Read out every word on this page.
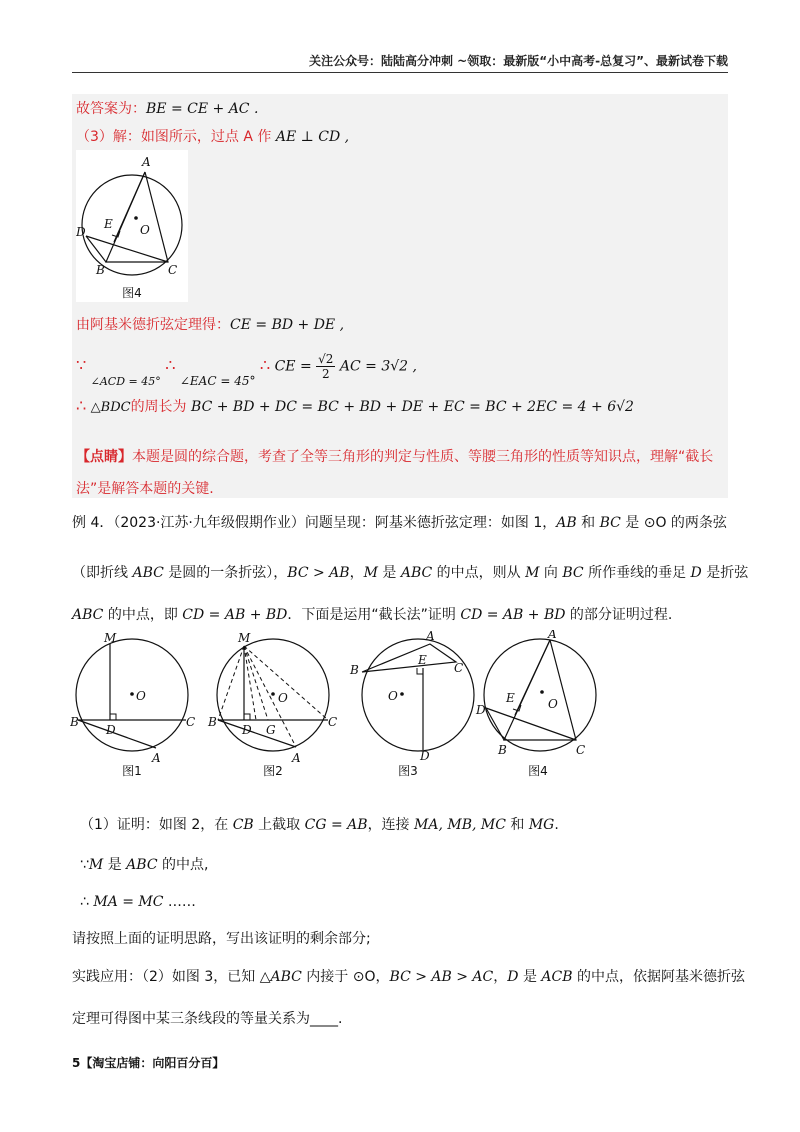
关注公众号：陆陆高分冲刺 ~领取：最新版“小中高考-总复习”、最新试卷下载
故答案为：BE = CE + AC .
（3）解：如图所示，过点 A 作 AE ⊥ CD ,
A
D
E O
B	C
图4
由阿基米德折弦定理得：CE = BD + DE ,
∵ $_{\angle ACD = 45^\circ}$ ∴ ∠EAC = 45° ∴ CE = $\frac{√2}{2}$ AC = 3√2 ,
∴ △BDC的周长为 BC + BD + DC = BC + BD + DE + EC = BC + 2EC = 4 + 6√2
【点睛】本题是圆的综合题，考查了全等三角形的判定与性质、等腰三角形的性质等知识点，理解“截长
法”是解答本题的关键.
例 4．（2023·江苏·九年级假期作业）问题呈现：阿基米德折弦定理：如图 1，AB 和 BC 是 ⊙O 的两条弦
（即折线 ABC 是圆的一条折弦），BC > AB，M 是 ABC 的中点，则从 M 向 BC 所作垂线的垂足 D 是折弦
ABC 的中点，即 CD = AB + BD．下面是运用“截长法”证明 CD = AB + BD 的部分证明过程.
M
O
B	C
D
A
M
O
B	C
D G
A
A
B	C
E
O
D
A
D
E	O
B	C
图1	图2	图3	图4
（1）证明：如图 2，在 CB 上截取 CG = AB，连接 MA, MB, MC 和 MG.
∵M 是 ABC 的中点,
∴ MA = MC ……
请按照上面的证明思路，写出该证明的剩余部分;
实践应用：（2）如图 3，已知 △ABC 内接于 ⊙O，BC > AB > AC，D 是 ACB 的中点，依据阿基米德折弦
定理可得图中某三条线段的等量关系为____.
5【淘宝店铺：向阳百分百】
